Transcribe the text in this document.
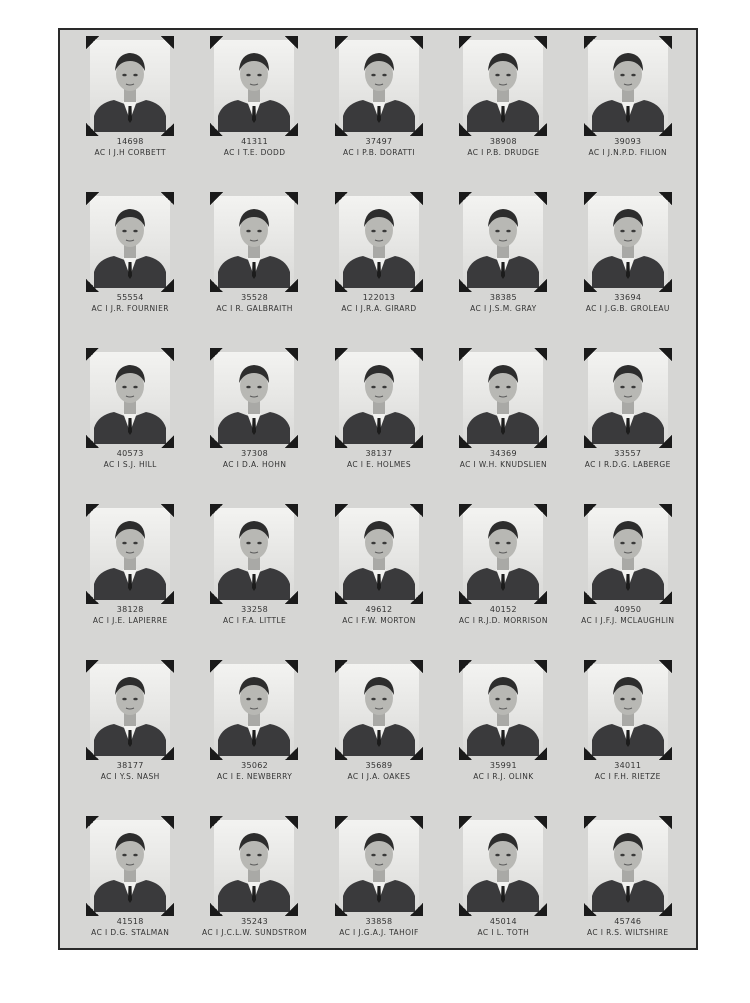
14698
AC I J.H CORBETT
41311
AC I T.E. DODD
37497
AC I P.B. DORATTI
38908
AC I P.B. DRUDGE
39093
AC I J.N.P.D. FILION
55554
AC I J.R. FOURNIER
35528
AC I R. GALBRAITH
122013
AC I J.R.A. GIRARD
38385
AC I J.S.M. GRAY
33694
AC I J.G.B. GROLEAU
40573
AC I S.J. HILL
37308
AC I D.A. HOHN
38137
AC I E. HOLMES
34369
AC I W.H. KNUDSLIEN
33557
AC I R.D.G. LABERGE
38128
AC I J.E. LAPIERRE
33258
AC I F.A. LITTLE
49612
AC I F.W. MORTON
40152
AC I R.J.D. MORRISON
40950
AC I J.F.J. MCLAUGHLIN
38177
AC I Y.S. NASH
35062
AC I E. NEWBERRY
35689
AC I J.A. OAKES
35991
AC I R.J. OLINK
34011
AC I F.H. RIETZE
41518
AC I D.G. STALMAN
35243
AC I J.C.L.W. SUNDSTROM
33858
AC I J.G.A.J. TAHOIF
45014
AC I L. TOTH
45746
AC I R.S. WILTSHIRE
